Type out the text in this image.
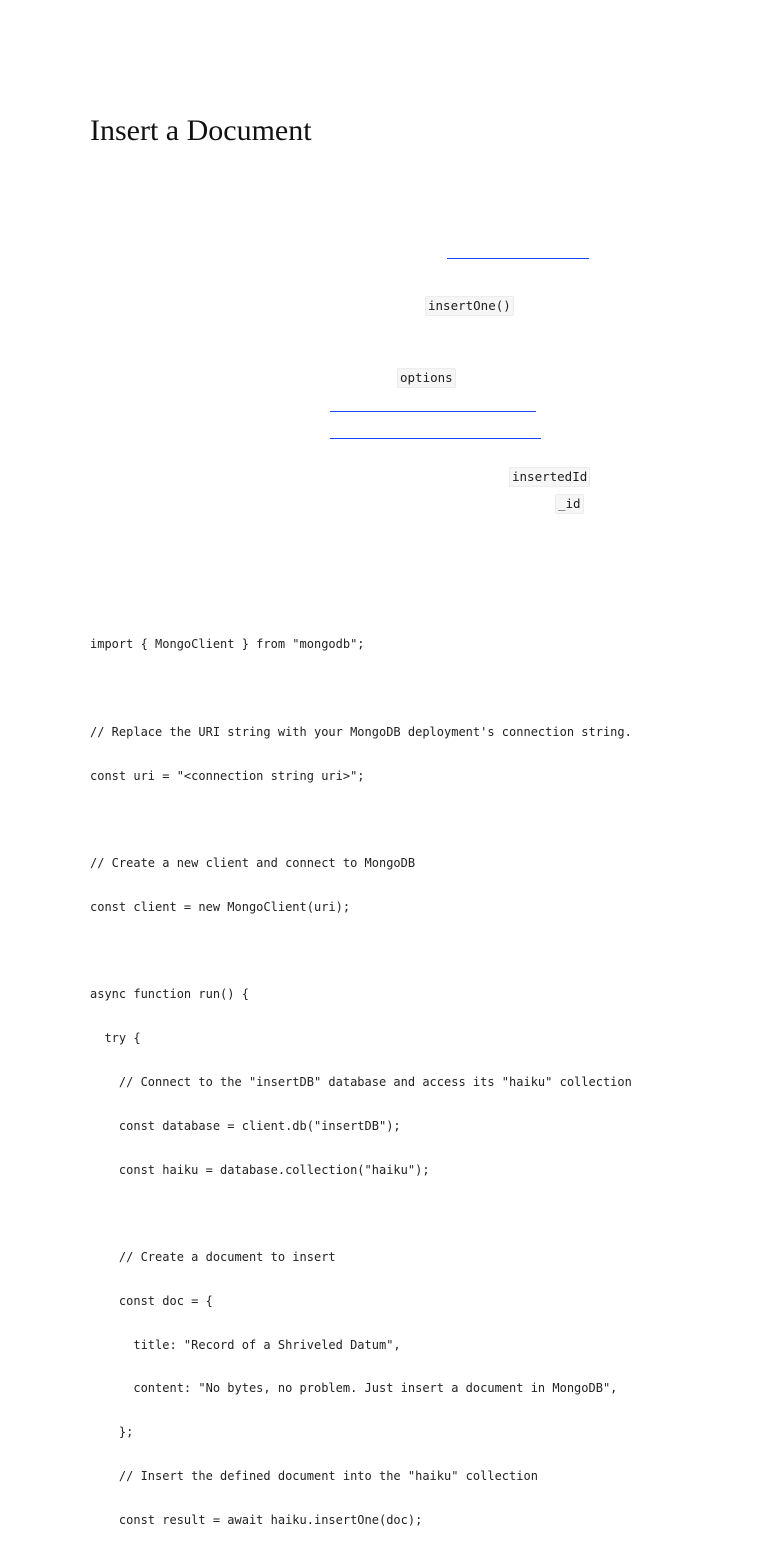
Insert a Document
insertOne()
options
insertedId
_id

import { MongoClient } from "mongodb";

// Replace the URI string with your MongoDB deployment's connection string.

const uri = "<connection string uri>";

// Create a new client and connect to MongoDB

const client = new MongoClient(uri);

async function run() {

try {

// Connect to the "insertDB" database and access its "haiku" collection

const database = client.db("insertDB");

const haiku = database.collection("haiku");

// Create a document to insert

const doc = {

title: "Record of a Shriveled Datum",

content: "No bytes, no problem. Just insert a document in MongoDB",

};

// Insert the defined document into the "haiku" collection

const result = await haiku.insertOne(doc);
